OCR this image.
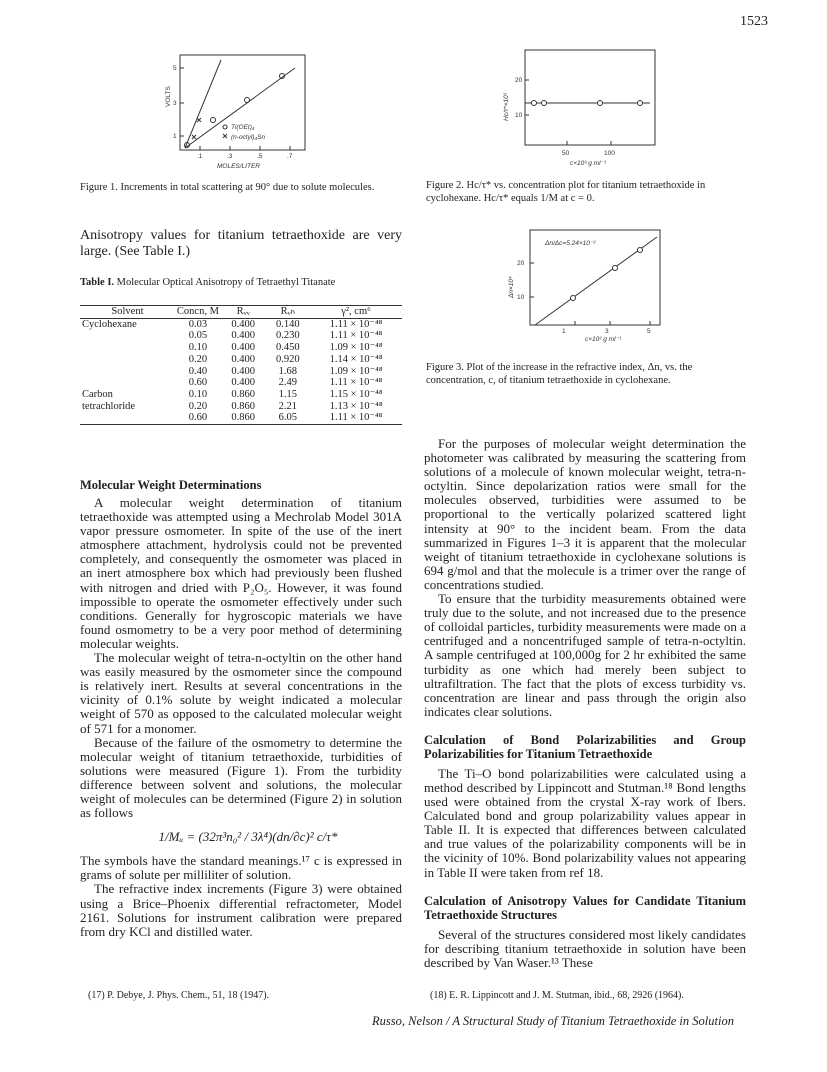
1523
5
3
1
.1	.3	.5	.7
MOLES/LITER
VOLTS
Ti(OEt)₄
(n-octyl)₄Sn
Figure 1. Increments in total scattering at 90° due to solute molecules.
20
10
50	100
c×10³ g ml⁻¹
Hc/τ*×10³
Figure 2. Hc/τ* vs. concentration plot for titanium tetraethoxide in cyclohexane. Hc/τ* equals 1/M at c = 0.
20
10
1	3	5
c×10² g ml⁻¹
Δn/Δc=5.24×10⁻²
Δn×10⁴
Figure 3. Plot of the increase in the refractive index, Δn, vs. the concentration, c, of titanium tetraethoxide in cyclohexane.

Anisotropy values for titanium tetraethoxide are very large. (See Table I.)

Table I. Molecular Optical Anisotropy of Tetraethyl Titanate
Solvent	Concn, M	Rᵥᵥ	Rᵥₕ	γ², cm⁶
Cyclohexane	0.03	0.400	0.140	1.11 × 10⁻⁴⁸
	0.05	0.400	0.230	1.11 × 10⁻⁴⁸
	0.10	0.400	0.450	1.09 × 10⁻⁴⁸
	0.20	0.400	0.920	1.14 × 10⁻⁴⁸
	0.40	0.400	1.68	1.09 × 10⁻⁴⁸
	0.60	0.400	2.49	1.11 × 10⁻⁴⁸
Carbon	0.10	0.860	1.15	1.15 × 10⁻⁴⁸
tetrachloride	0.20	0.860	2.21	1.13 × 10⁻⁴⁸
	0.60	0.860	6.05	1.11 × 10⁻⁴⁸
Molecular Weight Determinations

A molecular weight determination of titanium tetraethoxide was attempted using a Mechrolab Model 301A vapor pressure osmometer. In spite of the use of the inert atmosphere attachment, hydrolysis could not be prevented completely, and consequently the osmometer was placed in an inert atmosphere box which had previously been flushed with nitrogen and dried with P₂O₅. However, it was found impossible to operate the osmometer effectively under such conditions. Generally for hygroscopic materials we have found osmometry to be a very poor method of determining molecular weights.

The molecular weight of tetra-n-octyltin on the other hand was easily measured by the osmometer since the compound is relatively inert. Results at several concentrations in the vicinity of 0.1% solute by weight indicated a molecular weight of 570 as opposed to the calculated molecular weight of 571 for a monomer.

Because of the failure of the osmometry to determine the molecular weight of titanium tetraethoxide, turbidities of solutions were measured (Figure 1). From the turbidity difference between solvent and solutions, the molecular weight of molecules can be determined (Figure 2) in solution as follows

1/Mᵤ = (32π³n₀² / 3λ⁴)(dn/∂c)² c/τ*

The symbols have the standard meanings.¹⁷ c is expressed in grams of solute per milliliter of solution.

The refractive index increments (Figure 3) were obtained using a Brice–Phoenix differential refractometer, Model 2161. Solutions for instrument calibration were prepared from dry KCl and distilled water.

(17) P. Debye, J. Phys. Chem., 51, 18 (1947).

For the purposes of molecular weight determination the photometer was calibrated by measuring the scattering from solutions of a molecule of known molecular weight, tetra-n-octyltin. Since depolarization ratios were small for the molecules observed, turbidities were assumed to be proportional to the vertically polarized scattered light intensity at 90° to the incident beam. From the data summarized in Figures 1–3 it is apparent that the molecular weight of titanium tetraethoxide in cyclohexane solutions is 694 g/mol and that the molecule is a trimer over the range of concentrations studied.

To ensure that the turbidity measurements obtained were truly due to the solute, and not increased due to the presence of colloidal particles, turbidity measurements were made on a centrifuged and a noncentrifuged sample of tetra-n-octyltin. A sample centrifuged at 100,000g for 2 hr exhibited the same turbidity as one which had merely been subject to ultrafiltration. The fact that the plots of excess turbidity vs. concentration are linear and pass through the origin also indicates clear solutions.

Calculation of Bond Polarizabilities and Group Polarizabilities for Titanium Tetraethoxide

The Ti–O bond polarizabilities were calculated using a method described by Lippincott and Stutman.¹⁸ Bond lengths used were obtained from the crystal X-ray work of Ibers. Calculated bond and group polarizability values appear in Table II. It is expected that differences between calculated and true values of the polarizability components will be in the vicinity of 10%. Bond polarizability values not appearing in Table II were taken from ref 18.

Calculation of Anisotropy Values for Candidate Titanium Tetraethoxide Structures

Several of the structures considered most likely candidates for describing titanium tetraethoxide in solution have been described by Van Waser.¹³ These

(18) E. R. Lippincott and J. M. Stutman, ibid., 68, 2926 (1964).
Russo, Nelson / A Structural Study of Titanium Tetraethoxide in Solution
